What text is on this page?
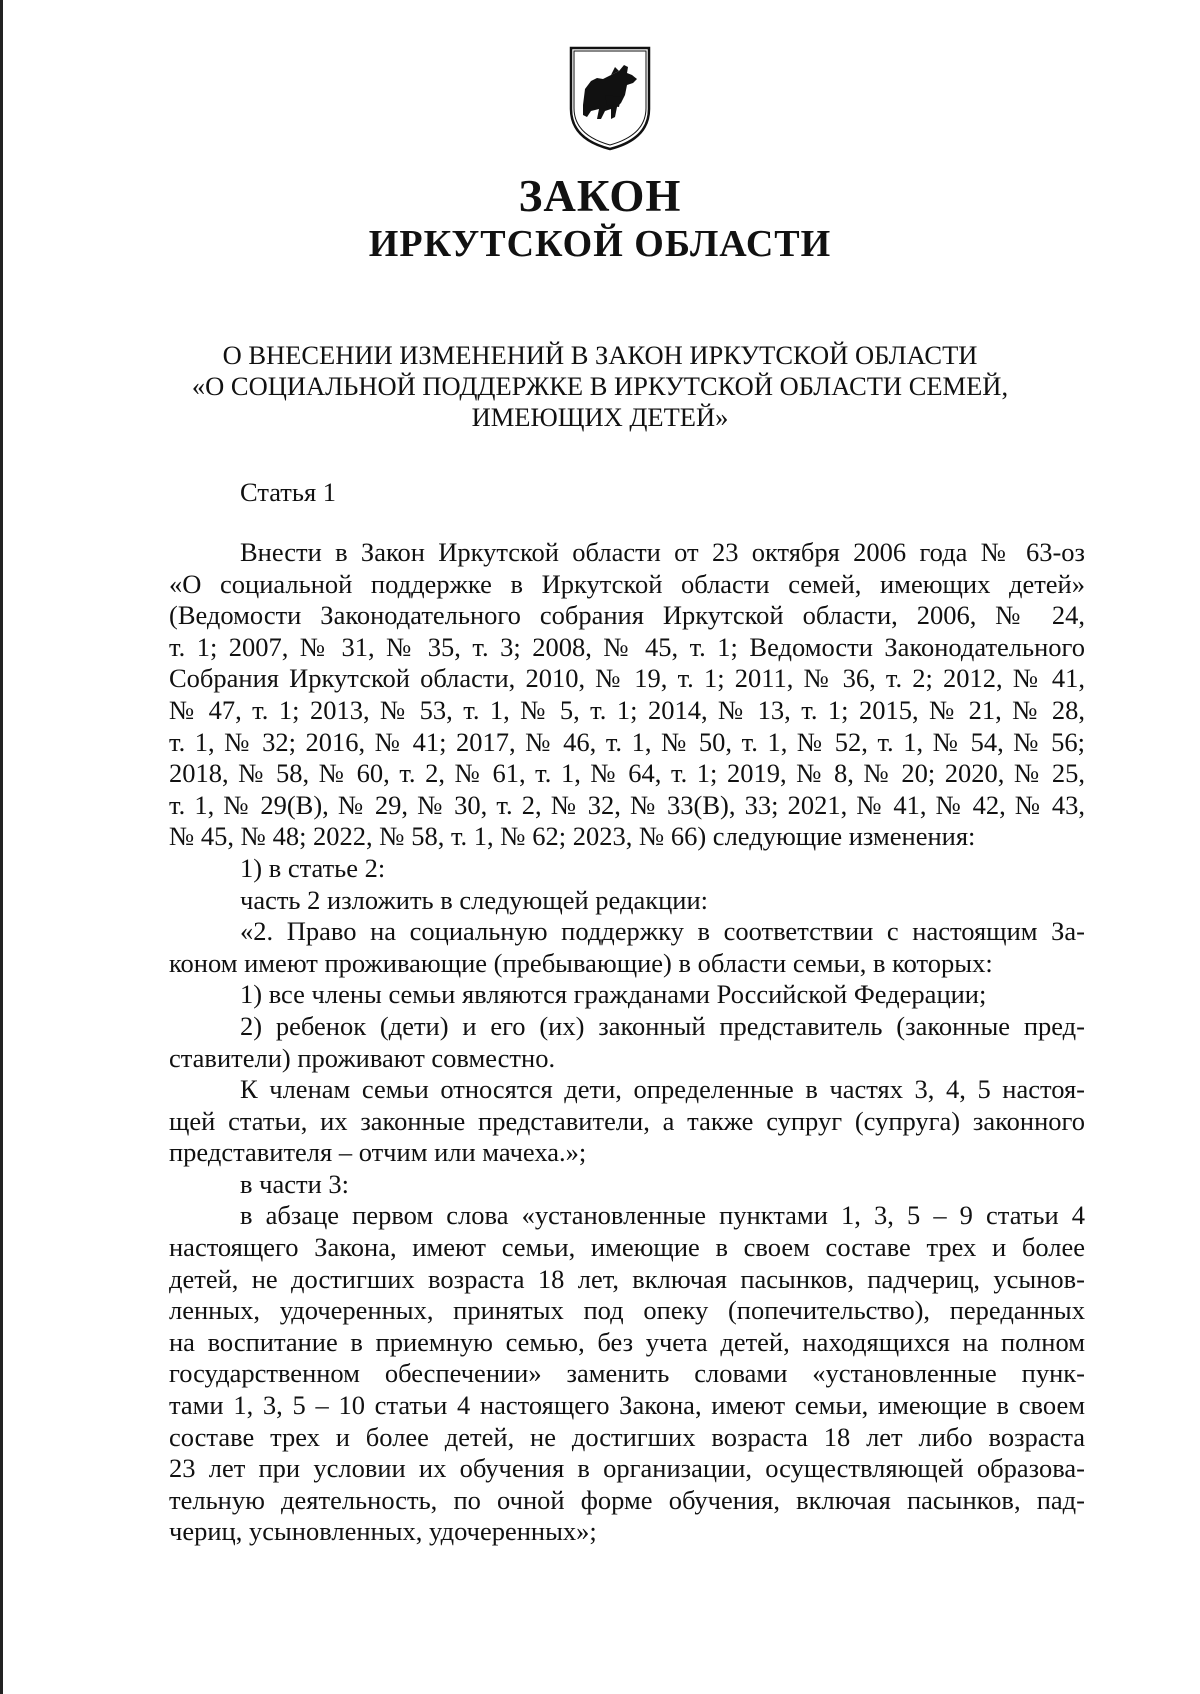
ЗАКОН
ИРКУТСКОЙ ОБЛАСТИ
О ВНЕСЕНИИ ИЗМЕНЕНИЙ В ЗАКОН ИРКУТСКОЙ ОБЛАСТИ
«О СОЦИАЛЬНОЙ ПОДДЕРЖКЕ В ИРКУТСКОЙ ОБЛАСТИ СЕМЕЙ,
ИМЕЮЩИХ ДЕТЕЙ»
Статья 1
Внести в Закон Иркутской области от 23 октября 2006 года № 63-оз
«О социальной поддержке в Иркутской области семей, имеющих детей»
(Ведомости Законодательного собрания Иркутской области, 2006, № 24,
т. 1; 2007, № 31, № 35, т. 3; 2008, № 45, т. 1; Ведомости Законодательного
Собрания Иркутской области, 2010, № 19, т. 1; 2011, № 36, т. 2; 2012, № 41,
№ 47, т. 1; 2013, № 53, т. 1, № 5, т. 1; 2014, № 13, т. 1; 2015, № 21, № 28,
т. 1, № 32; 2016, № 41; 2017, № 46, т. 1, № 50, т. 1, № 52, т. 1, № 54, № 56;
2018, № 58, № 60, т. 2, № 61, т. 1, № 64, т. 1; 2019, № 8, № 20; 2020, № 25,
т. 1, № 29(В), № 29, № 30, т. 2, № 32, № 33(В), 33; 2021, № 41, № 42, № 43,
№ 45, № 48; 2022, № 58, т. 1, № 62; 2023, № 66) следующие изменения:
1) в статье 2:
часть 2 изложить в следующей редакции:
«2. Право на социальную поддержку в соответствии с настоящим За-
коном имеют проживающие (пребывающие) в области семьи, в которых:
1) все члены семьи являются гражданами Российской Федерации;
2) ребенок (дети) и его (их) законный представитель (законные пред-
ставители) проживают совместно.
К членам семьи относятся дети, определенные в частях 3, 4, 5 настоя-
щей статьи, их законные представители, а также супруг (супруга) законного
представителя – отчим или мачеха.»;
в части 3:
в абзаце первом слова «установленные пунктами 1, 3, 5 – 9 статьи 4
настоящего Закона, имеют семьи, имеющие в своем составе трех и более
детей, не достигших возраста 18 лет, включая пасынков, падчериц, усынов-
ленных, удочеренных, принятых под опеку (попечительство), переданных
на воспитание в приемную семью, без учета детей, находящихся на полном
государственном обеспечении» заменить словами «установленные пунк-
тами 1, 3, 5 – 10 статьи 4 настоящего Закона, имеют семьи, имеющие в своем
составе трех и более детей, не достигших возраста 18 лет либо возраста
23 лет при условии их обучения в организации, осуществляющей образова-
тельную деятельность, по очной форме обучения, включая пасынков, пад-
чериц, усыновленных, удочеренных»;
